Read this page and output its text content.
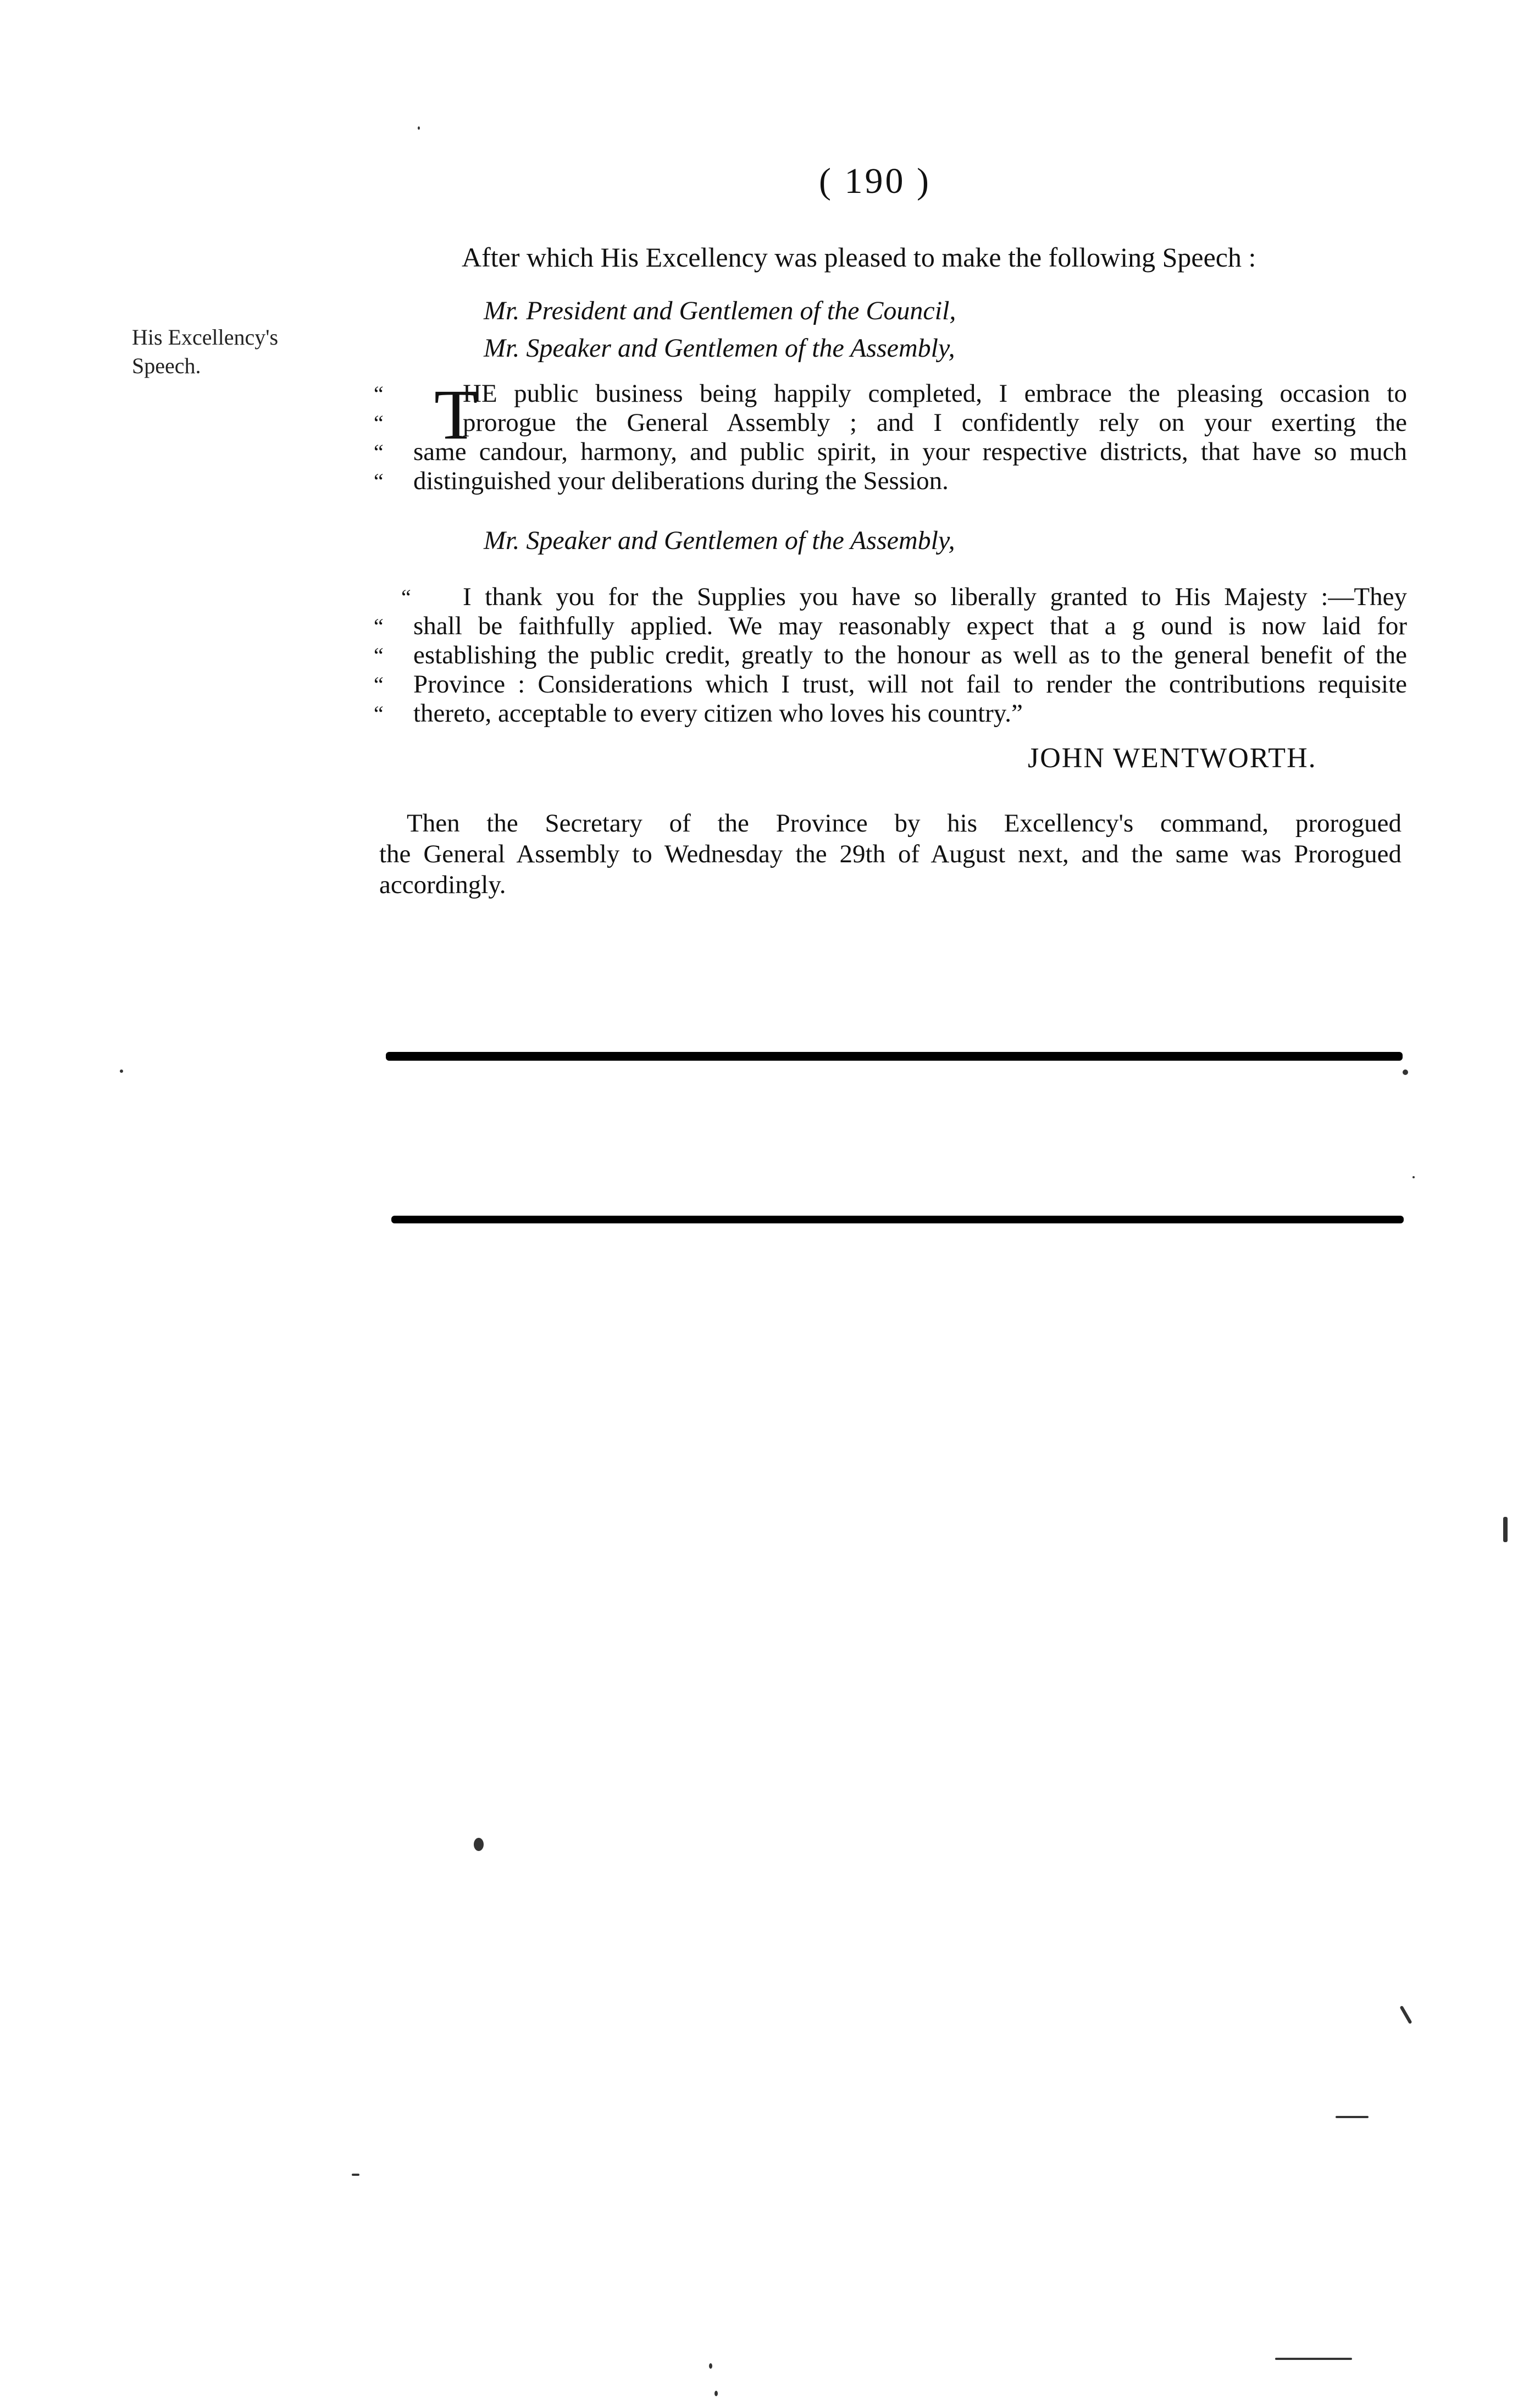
( 190 )
His Excellency's
Speech.
After which His Excellency was pleased to make the following Speech :
Mr. President and Gentlemen of the Council,
Mr. Speaker and Gentlemen of the Assembly,
T
“	HE public business being happily completed, I embrace the pleasing occasion to
“	prorogue the General Assembly ; and I confidently rely on your exerting the
“	same candour, harmony, and public spirit, in your respective districts, that have so much
“	distinguished your deliberations during the Session.
Mr. Speaker and Gentlemen of the Assembly,
“	I thank you for the Supplies you have so liberally granted to His Majesty :—They
“	shall be faithfully applied. We may reasonably expect that a g ound is now laid for
“	establishing the public credit, greatly to the honour as well as to the general benefit of the
“	Province : Considerations which I trust, will not fail to render the contributions requisite
“	thereto, acceptable to every citizen who loves his country.”
JOHN WENTWORTH.
Then the Secretary of the Province by his Excellency's command, prorogued
the General Assembly to Wednesday the 29th of August next, and the same was Prorogued
accordingly.
